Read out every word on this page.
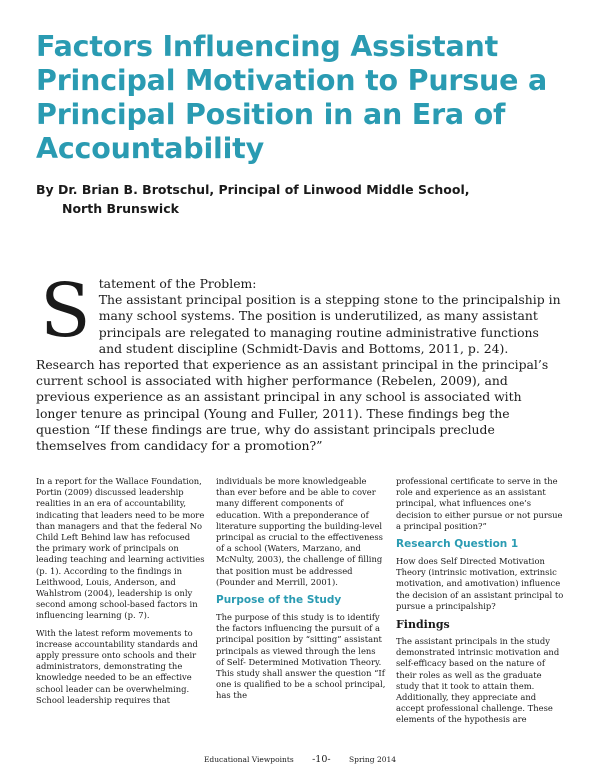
Factors Influencing Assistant Principal Motivation to Pursue a Principal Position in an Era of Accountability

By Dr. Brian B. Brotschul, Principal of Linwood Middle School,
North Brunswick

S tatement of the Problem:
The assistant principal position is a stepping stone to the principalship in many school systems. The position is underutilized, as many assistant principals are relegated to managing routine administrative functions and student discipline (Schmidt-Davis and Bottoms, 2011, p. 24). Research has reported that experience as an assistant principal in the principal’s current school is associated with higher performance (Rebelen, 2009), and previous experience as an assistant principal in any school is associated with longer tenure as principal (Young and Fuller, 2011). These findings beg the question “If these findings are true, why do assistant principals preclude themselves from candidacy for a promotion?”

In a report for the Wallace Foundation, Portin (2009) discussed leadership realities in an era of accountability, indicating that leaders need to be more than managers and that the federal No Child Left Behind law has refocused the primary work of principals on leading teaching and learning activities (p. 1). According to the findings in Leithwood, Louis, Anderson, and Wahlstrom (2004), leadership is only second among school-based factors in influencing learning (p. 7).

With the latest reform movements to increase accountability standards and apply pressure onto schools and their administrators, demonstrating the knowledge needed to be an effective school leader can be overwhelming. School leadership requires that

individuals be more knowledgeable than ever before and be able to cover many different components of education. With a preponderance of literature supporting the building-level principal as crucial to the effectiveness of a school (Waters, Marzano, and McNulty, 2003), the challenge of filling that position must be addressed (Pounder and Merrill, 2001).

Purpose of the Study

The purpose of this study is to identify the factors influencing the pursuit of a principal position by “sitting” assistant principals as viewed through the lens of Self- Determined Motivation Theory. This study shall answer the question “If one is qualified to be a school principal, has the

professional certificate to serve in the role and experience as an assistant principal, what influences one’s decision to either pursue or not pursue a principal position?”

Research Question 1

How does Self Directed Motivation Theory (intrinsic motivation, extrinsic motivation, and amotivation) influence the decision of an assistant principal to pursue a principalship?

Findings

The assistant principals in the study demonstrated intrinsic motivation and self-efficacy based on the nature of their roles as well as the graduate study that it took to attain them. Additionally, they appreciate and accept professional challenge. These elements of the hypothesis are

Educational Viewpoints -10- Spring 2014
